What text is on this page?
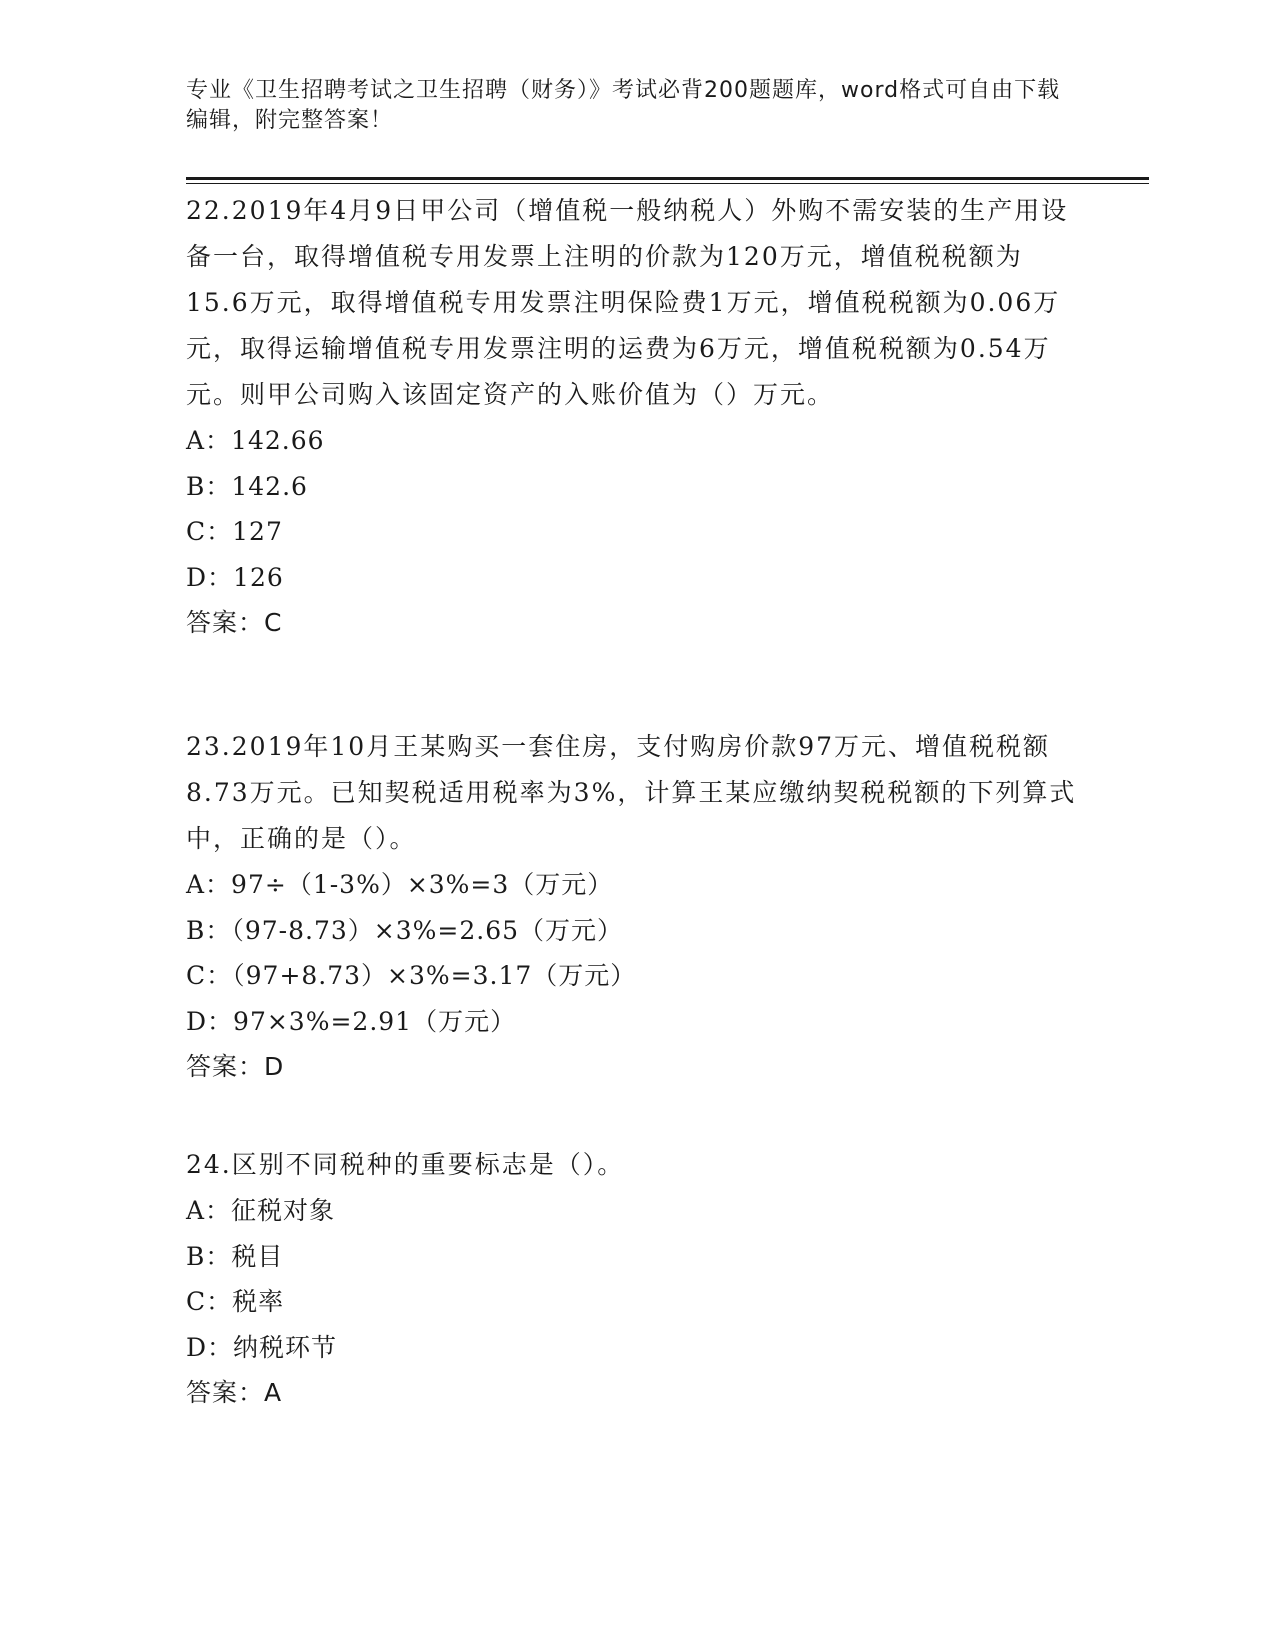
专业《卫生招聘考试之卫生招聘（财务）》考试必背200题题库，word格式可自由下载编辑，附完整答案！

22.2019年4月9日甲公司（增值税一般纳税人）外购不需安装的生产用设备一台，取得增值税专用发票上注明的价款为120万元，增值税税额为15.6万元，取得增值税专用发票注明保险费1万元，增值税税额为0.06万元，取得运输增值税专用发票注明的运费为6万元，增值税税额为0.54万元。则甲公司购入该固定资产的入账价值为（）万元。

A：142.66

B：142.6

C：127

D：126

答案：C

23.2019年10月王某购买一套住房，支付购房价款97万元、增值税税额8.73万元。已知契税适用税率为3%，计算王某应缴纳契税税额的下列算式中，正确的是（）。

A：97÷（1-3%）×3%=3（万元）

B：（97-8.73）×3%=2.65（万元）

C：（97+8.73）×3%=3.17（万元）

D：97×3%=2.91（万元）

答案：D

24.区别不同税种的重要标志是（）。

A：征税对象

B：税目

C：税率

D：纳税环节

答案：A
